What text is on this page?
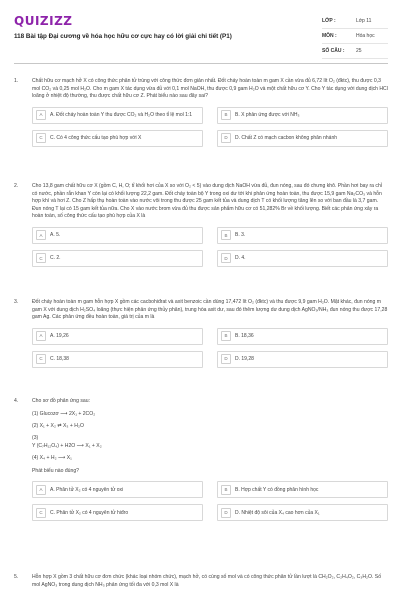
QUIZIZZ
118 Bài tập Đại cương về hóa học hữu cơ cực hay có lời giải chi tiết (P1)
LỚP :	Lớp 11
MÔN :	Hóa học
SỐ CÂU :	25
1.	Chất hữu cơ mạch hở X có công thức phân tử trùng với công thức đơn giản nhất. Đốt cháy hoàn toàn m gam X cần vừa đủ 6,72 lít O₂ (đktc), thu được 0,3 mol CO₂ và 0,25 mol H₂O. Cho m gam X tác dụng vừa đủ với 0,1 mol NaOH, thu được 0,9 gam H₂O và một chất hữu cơ Y. Cho Y tác dụng với dung dịch HCl loãng ở nhiệt độ thường, thu được chất hữu cơ Z. Phát biểu nào sau đây sai?
A	A. Đốt cháy hoàn toàn Y thu được CO₂ và H₂O theo tỉ lệ mol 1:1	B	B. X phản ứng được với NH₃
C	C. Có 4 công thức cấu tạo phù hợp với X	D	D. Chất Z có mạch cacbon không phân nhánh
2.	Cho 13,8 gam chất hữu cơ X (gồm C, H, O; tỉ khối hơi của X so với O₂ < 5) vào dung dịch NaOH vừa đủ, đun nóng, sau đó chưng khô. Phần hơi bay ra chỉ có nước, phần rắn khan Y còn lại có khối lượng 22,2 gam. Đốt cháy toàn bộ Y trong oxi dư tới khi phản ứng hoàn toàn, thu được 15,9 gam Na₂CO₃ và hỗn hợp khí và hơi Z. Cho Z hấp thụ hoàn toàn vào nước vôi trong thu được 25 gam kết tủa và dung dịch T có khối lượng tăng lên so với ban đầu là 3,7 gam. Đun nóng T lại có 15 gam kết tủa nữa. Cho X vào nước brom vừa đủ thu được sản phẩm hữu cơ có 51,282% Br về khối lượng. Biết các phản ứng xảy ra hoàn toàn, số công thức cấu tạo phù hợp của X là
A	A. 5.	B	B. 3.
C	C. 2.	D	D. 4.
3.	Đốt cháy hoàn toàn m gam hỗn hợp X gồm các cacbohiđrat và axit benzoic cần dùng 17,472 lít O₂ (đktc) và thu được 9,9 gam H₂O. Mặt khác, đun nóng m gam X với dung dịch H₂SO₄ loãng (thực hiện phản ứng thủy phân), trung hòa axit dư, sau đó thêm lượng dư dung dịch AgNO₃/NH₃ đun nóng thu được 17,28 gam Ag. Các phản ứng đều hoàn toàn, giá trị của m là
A	A. 19,26	B	B. 18,36
C	C. 18,38	D	D. 19,28
4.	Cho sơ đồ phản ứng sau:
(1) Glucozơ ⟶ 2X₁ + 2CO₂
(2) X₁ + X₂ ⇄ X₃ + H₂O
(3)
Y (C₇H₁₂O₄) + H2O ⟶ X₁ + X₂
(4) X₄ + H₂ ⟶ X₁
Phát biểu nào đúng?
A	A. Phân tử X₂ có 4 nguyên tử oxi	B	B. Hợp chất Y có đồng phân hình học
C	C. Phân tử X₂ có 4 nguyên tử hiđro	D	D. Nhiệt độ sôi của X₄ cao hơn của X₁
5.	Hỗn hợp X gồm 3 chất hữu cơ đơn chức (khác loại nhóm chức), mạch hở, có cùng số mol và có công thức phân tử lần lượt là CH₂O₂, C₂H₄O₂, C₃H₂O. Số mol AgNO₃ trong dung dịch NH₃ phản ứng tối đa với 0,3 mol X là
